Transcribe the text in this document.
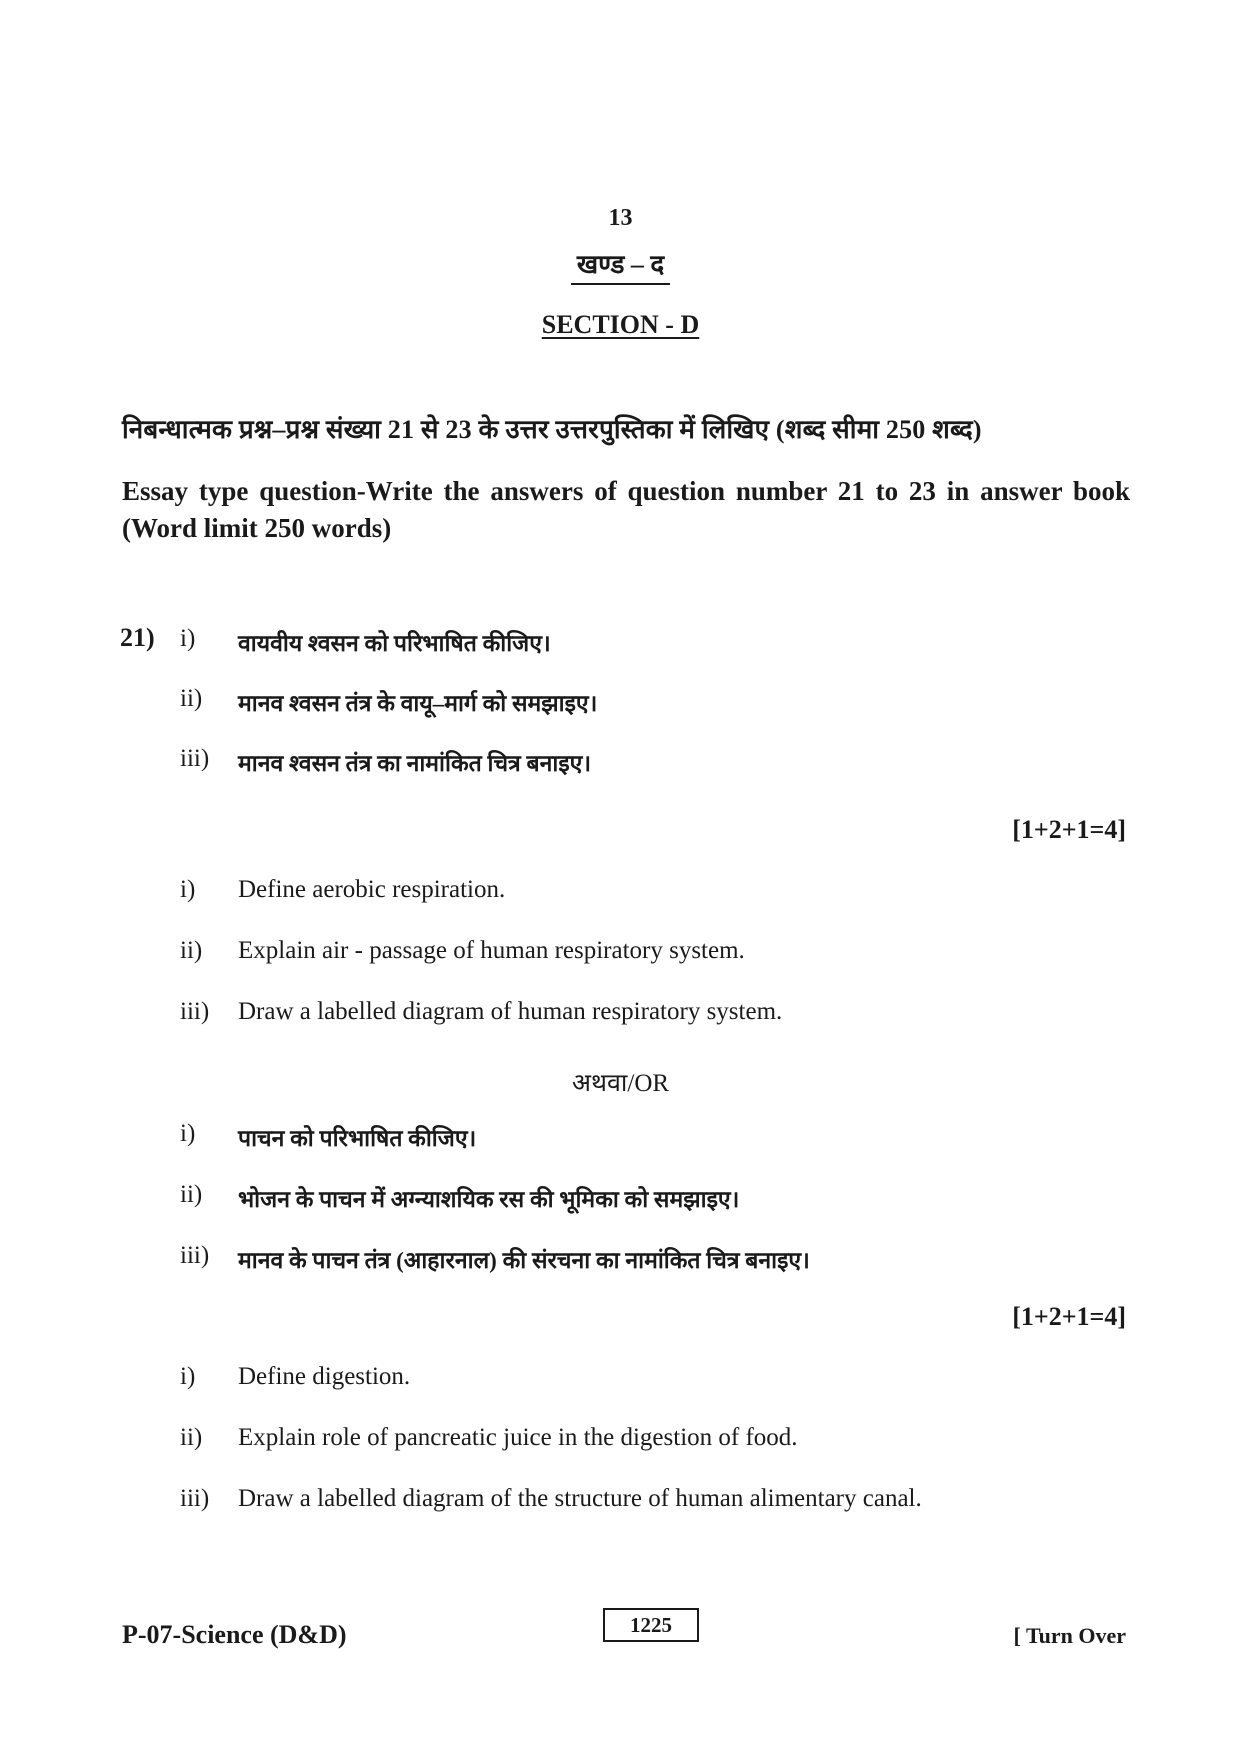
13
खण्ड – द
SECTION - D
निबन्धात्मक प्रश्न–प्रश्न संख्या 21 से 23 के उत्तर उत्तरपुस्तिका में लिखिए (शब्द सीमा 250 शब्द)
Essay type question-Write the answers of question number 21 to 23 in answer book (Word limit 250 words)
21) i)	वायवीय श्वसन को परिभाषित कीजिए।
ii)	मानव श्वसन तंत्र के वायू–मार्ग को समझाइए।
iii)	मानव श्वसन तंत्र का नामांकित चित्र बनाइए।
[1+2+1=4]
i)	Define aerobic respiration.
ii)	Explain air - passage of human respiratory system.
iii)	Draw a labelled diagram of human respiratory system.
अथवा/OR
i)	पाचन को परिभाषित कीजिए।
ii)	भोजन के पाचन में अग्न्याशयिक रस की भूमिका को समझाइए।
iii)	मानव के पाचन तंत्र (आहारनाल) की संरचना का नामांकित चित्र बनाइए।
[1+2+1=4]
i)	Define digestion.
ii)	Explain role of pancreatic juice in the digestion of food.
iii)	Draw a labelled diagram of the structure of human alimentary canal.
P-07-Science (D&D)	1225	[ Turn Over
